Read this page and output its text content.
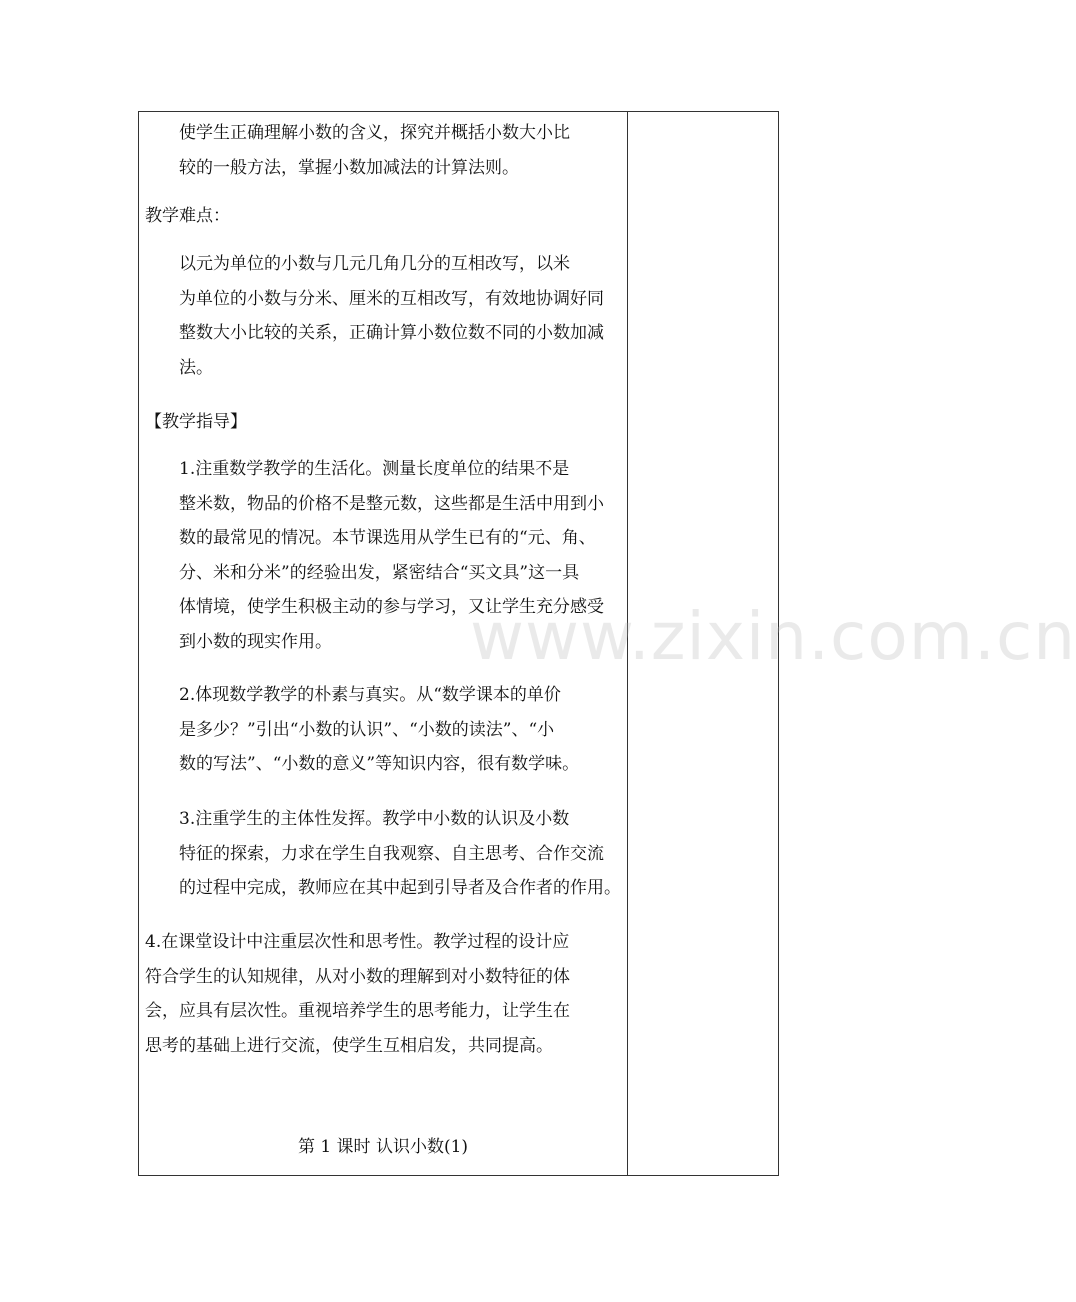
使学生正确理解小数的含义，探究并概括小数大小比
较的一般方法，掌握小数加减法的计算法则。

教学难点：

以元为单位的小数与几元几角几分的互相改写，以米
为单位的小数与分米、厘米的互相改写，有效地协调好同
整数大小比较的关系，正确计算小数位数不同的小数加减
法。

【教学指导】

1.注重数学教学的生活化。测量长度单位的结果不是
整米数，物品的价格不是整元数，这些都是生活中用到小
数的最常见的情况。本节课选用从学生已有的“元、角、
分、米和分米”的经验出发，紧密结合“买文具”这一具
体情境，使学生积极主动的参与学习，又让学生充分感受
到小数的现实作用。

2.体现数学教学的朴素与真实。从“数学课本的单价
是多少？”引出“小数的认识”、“小数的读法”、“小
数的写法”、“小数的意义”等知识内容，很有数学味。

3.注重学生的主体性发挥。教学中小数的认识及小数
特征的探索，力求在学生自我观察、自主思考、合作交流
的过程中完成，教师应在其中起到引导者及合作者的作用。

4.在课堂设计中注重层次性和思考性。教学过程的设计应
符合学生的认知规律，从对小数的理解到对小数特征的体
会，应具有层次性。重视培养学生的思考能力，让学生在
思考的基础上进行交流，使学生互相启发，共同提高。

第 1 课时 认识小数(1)
www.zixin.com.cn
